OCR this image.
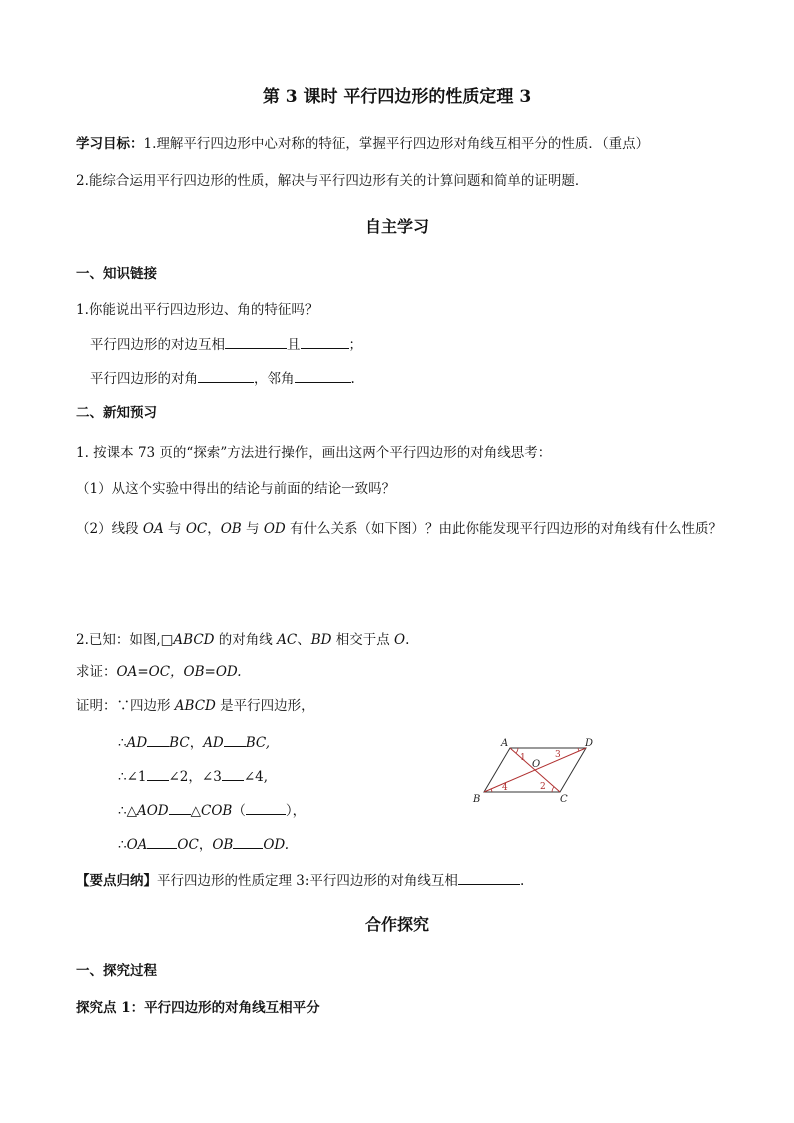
第 3 课时 平行四边形的性质定理 3
学习目标：1.理解平行四边形中心对称的特征，掌握平行四边形对角线互相平分的性质．（重点）
2.能综合运用平行四边形的性质，解决与平行四边形有关的计算问题和简单的证明题．
自主学习
一、知识链接
1.你能说出平行四边形边、角的特征吗？
平行四边形的对边互相	且	；
平行四边形的对角	，邻角	.
二、新知预习
1. 按课本 73 页的“探索”方法进行操作，画出这两个平行四边形的对角线思考：
（1）从这个实验中得出的结论与前面的结论一致吗？
（2）线段 OA 与 OC，OB 与 OD 有什么关系（如下图）？由此你能发现平行四边形的对角线有什么性质？
2.已知：如图,□ABCD 的对角线 AC、BD 相交于点 O.
求证：OA=OC，OB=OD.
证明：∵四边形 ABCD 是平行四边形，
∴AD BC，AD BC,
∴∠1 ∠2，∠3 ∠4,
∴△AOD △COB（	），
∴OA OC，OB OD.
A	D
B	C
O
1
2
3
4
【要点归纳】平行四边形的性质定理 3:平行四边形的对角线互相	.
合作探究
一、探究过程
探究点 1：平行四边形的对角线互相平分
